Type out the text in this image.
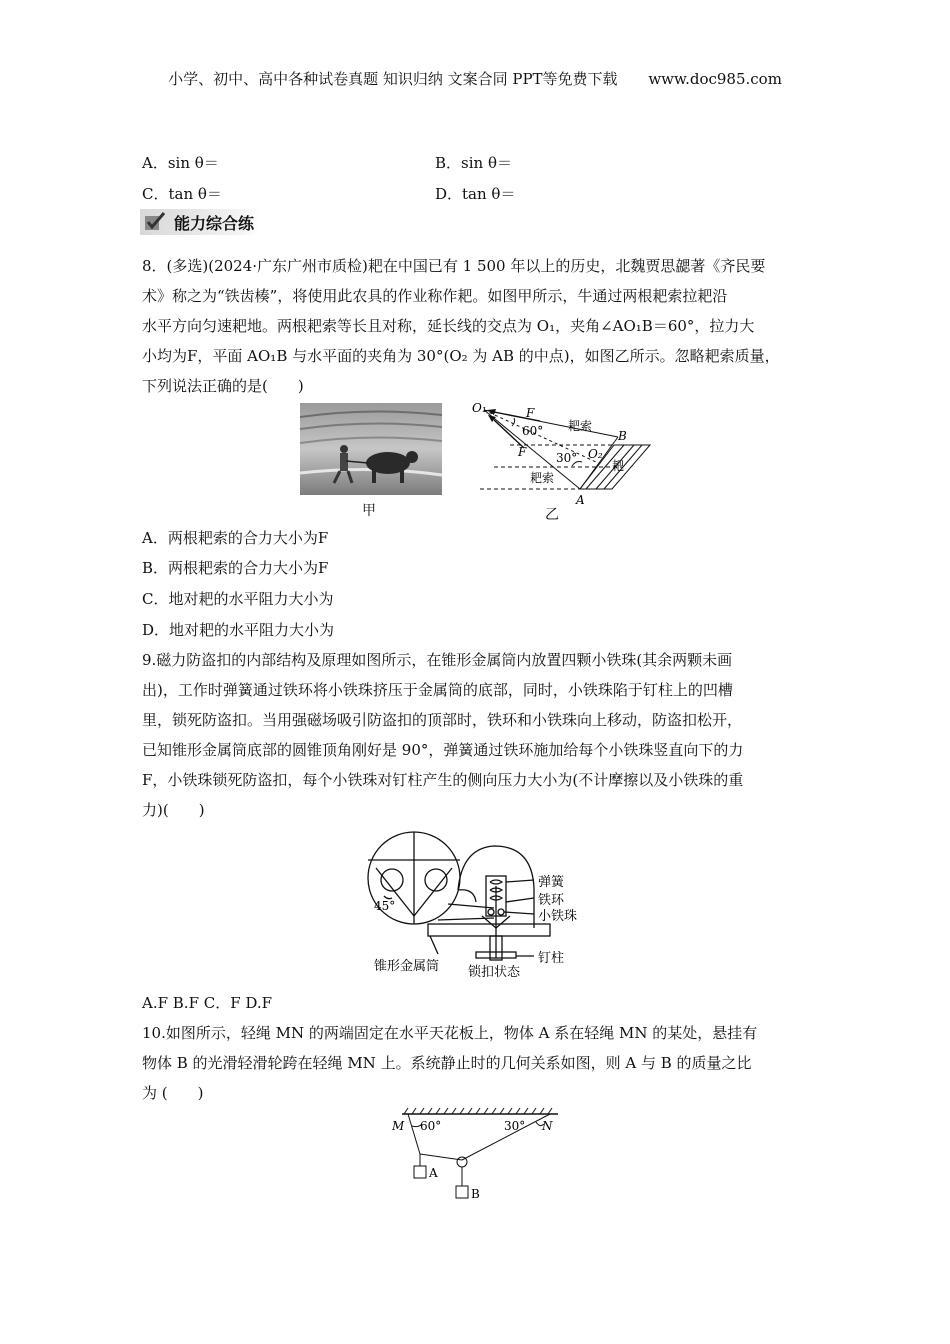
小学、初中、高中各种试卷真题 知识归纳 文案合同 PPT等免费下载 www.doc985.com
A．sin θ＝	B．sin θ＝
C．tan θ＝	D．tan θ＝
能力综合练
8．(多选)(2024·广东广州市质检)耙在中国已有 1 500 年以上的历史，北魏贾思勰著《齐民要
术》称之为“铁齿楱”，将使用此农具的作业称作耙。如图甲所示，牛通过两根耙索拉耙沿
水平方向匀速耙地。两根耙索等长且对称，延长线的交点为 O₁，夹角∠AO₁B＝60°，拉力大
小均为F，平面 AO₁B 与水平面的夹角为 30°(O₂ 为 AB 的中点)，如图乙所示。忽略耙索质量，
下列说法正确的是(　　)
甲
O₁	F
60° 耙索
B
F 30° O₂
耙
耙索
A
乙
A．两根耙索的合力大小为F
B．两根耙索的合力大小为F
C．地对耙的水平阻力大小为
D．地对耙的水平阻力大小为
9.磁力防盗扣的内部结构及原理如图所示，在锥形金属筒内放置四颗小铁珠(其余两颗未画
出)，工作时弹簧通过铁环将小铁珠挤压于金属筒的底部，同时，小铁珠陷于钉柱上的凹槽
里，锁死防盗扣。当用强磁场吸引防盗扣的顶部时，铁环和小铁珠向上移动，防盗扣松开，
已知锥形金属筒底部的圆锥顶角刚好是 90°，弹簧通过铁环施加给每个小铁珠竖直向下的力
F，小铁珠锁死防盗扣，每个小铁珠对钉柱产生的侧向压力大小为(不计摩擦以及小铁珠的重
力)(　　)
弹簧
铁环
小铁珠
钉柱
45°
锥形金属筒 锁扣状态
A.F B.F C．F D.F
10.如图所示，轻绳 MN 的两端固定在水平天花板上，物体 A 系在轻绳 MN 的某处，悬挂有
物体 B 的光滑轻滑轮跨在轻绳 MN 上。系统静止时的几何关系如图，则 A 与 B 的质量之比
为 (　　)
M 60°	30° N
A
B
